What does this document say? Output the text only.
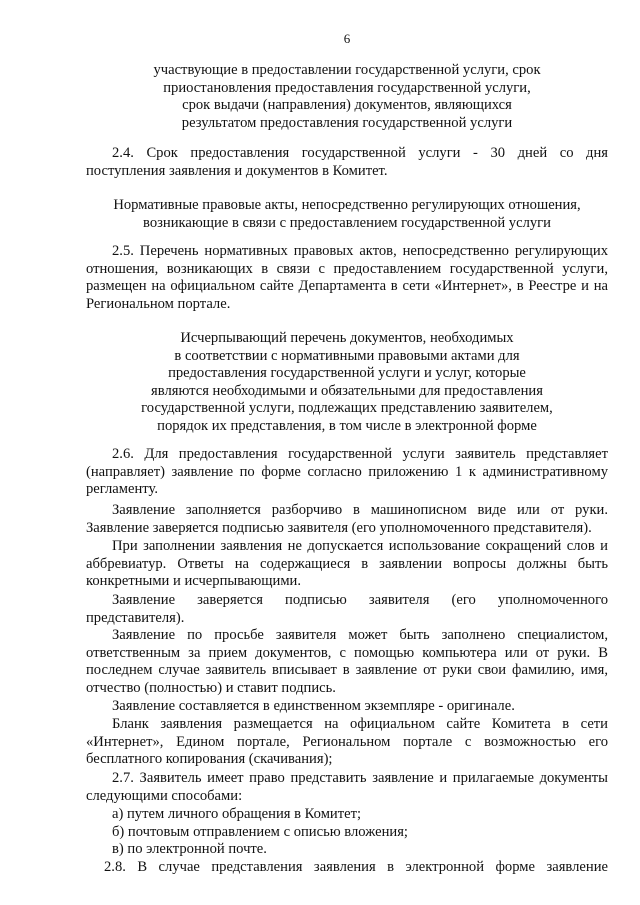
6
участвующие в предоставлении государственной услуги, срок
приостановления предоставления государственной услуги,
срок выдачи (направления) документов, являющихся
результатом предоставления государственной услуги
2.4. Срок предоставления государственной услуги - 30 дней со дня
поступления заявления и документов в Комитет.
Нормативные правовые акты, непосредственно регулирующих отношения,
возникающие в связи с предоставлением государственной услуги
2.5. Перечень нормативных правовых актов, непосредственно регулирующих
отношения, возникающих в связи с предоставлением государственной услуги,
размещен на официальном сайте Департамента в сети «Интернет», в Реестре и на
Региональном портале.
Исчерпывающий перечень документов, необходимых
в соответствии с нормативными правовыми актами для
предоставления государственной услуги и услуг, которые
являются необходимыми и обязательными для предоставления
государственной услуги, подлежащих представлению заявителем,
порядок их представления, в том числе в электронной форме
2.6. Для предоставления государственной услуги заявитель представляет
(направляет) заявление по форме согласно приложению 1 к административному
регламенту.
Заявление заполняется разборчиво в машинописном виде или от руки.
Заявление заверяется подписью заявителя (его уполномоченного представителя).
При заполнении заявления не допускается использование сокращений слов и
аббревиатур. Ответы на содержащиеся в заявлении вопросы должны быть
конкретными и исчерпывающими.
Заявление заверяется подписью заявителя (его уполномоченного
представителя).
Заявление по просьбе заявителя может быть заполнено специалистом,
ответственным за прием документов, с помощью компьютера или от руки. В
последнем случае заявитель вписывает в заявление от руки свои фамилию, имя,
отчество (полностью) и ставит подпись.
Заявление составляется в единственном экземпляре - оригинале.
Бланк заявления размещается на официальном сайте Комитета в сети
«Интернет», Едином портале, Региональном портале с возможностью его
бесплатного копирования (скачивания);
2.7. Заявитель имеет право представить заявление и прилагаемые документы
следующими способами:
а) путем личного обращения в Комитет;
б) почтовым отправлением с описью вложения;
в) по электронной почте.
2.8. В случае представления заявления в электронной форме заявление
